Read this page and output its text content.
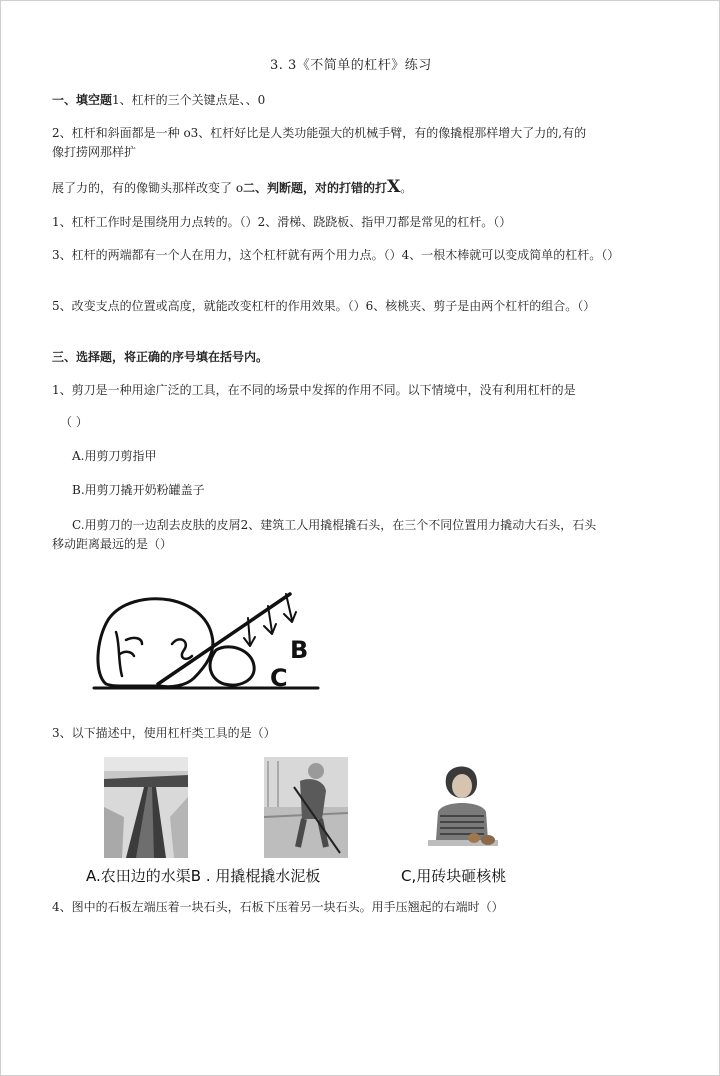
3. 3《不简单的杠杆》练习
一、填空题1、杠杆的三个关键点是、、0
2、杠杆和斜面都是一种 o3、杠杆好比是人类功能强大的机械手臂，有的像撬棍那样增大了力的,有的
像打捞网那样扩
展了力的，有的像锄头那样改变了 o二、判断题，对的打错的打X。
1、杠杆工作时是围绕用力点转的。（）2、滑梯、跷跷板、指甲刀都是常见的杠杆。（）
3、杠杆的两端都有一个人在用力，这个杠杆就有两个用力点。（）4、一根木棒就可以变成简单的杠杆。（）
5、改变支点的位置或高度，就能改变杠杆的作用效果。（）6、核桃夹、剪子是由两个杠杆的组合。（）
三、选择题，将正确的序号填在括号内。
1、剪刀是一种用途广泛的工具，在不同的场景中发挥的作用不同。以下情境中，没有利用杠杆的是
（ ）
A.用剪刀剪指甲
B.用剪刀撬开奶粉罐盖子
C.用剪刀的一边刮去皮肤的皮屑2、建筑工人用撬棍撬石头，在三个不同位置用力撬动大石头，石头
移动距离最远的是（）
B
C
3、以下描述中，使用杠杆类工具的是（）
A.农田边的水渠B . 用撬棍撬水泥板	C,用砖块砸核桃
4、图中的石板左端压着一块石头，石板下压着另一块石头。用手压翘起的右端时（）
